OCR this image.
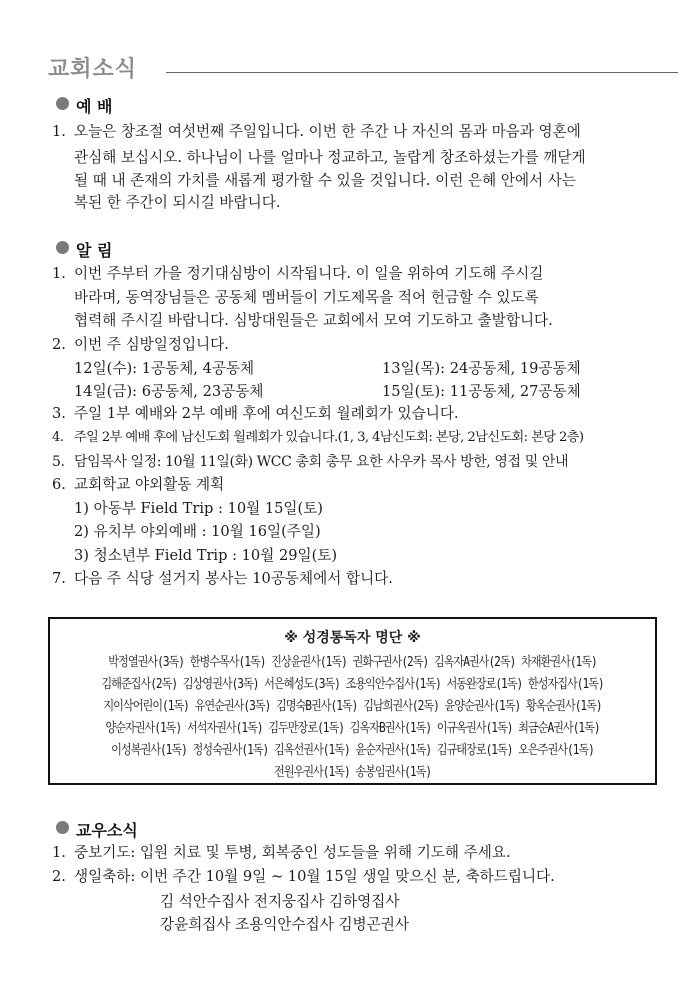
교회소식
예 배
1. 오늘은 창조절 여섯번째 주일입니다. 이번 한 주간 나 자신의 몸과 마음과 영혼에
관심해 보십시오. 하나님이 나를 얼마나 정교하고, 놀랍게 창조하셨는가를 깨닫게
될 때 내 존재의 가치를 새롭게 평가할 수 있을 것입니다. 이런 은혜 안에서 사는
복된 한 주간이 되시길 바랍니다.
알 림
1. 이번 주부터 가을 정기대심방이 시작됩니다. 이 일을 위하여 기도해 주시길
바라며, 동역장님들은 공동체 멤버들이 기도제목을 적어 헌금할 수 있도록
협력해 주시길 바랍니다. 심방대원들은 교회에서 모여 기도하고 출발합니다.
2. 이번 주 심방일정입니다.
12일(수): 1공동체, 4공동체	13일(목): 24공동체, 19공동체
14일(금): 6공동체, 23공동체	15일(토): 11공동체, 27공동체
3. 주일 1부 예배와 2부 예배 후에 여신도회 월례회가 있습니다.
4. 주일 2부 예배 후에 남신도회 월례회가 있습니다.(1, 3, 4남신도회: 본당, 2남신도회: 본당 2층)
5. 담임목사 일정: 10월 11일(화) WCC 총회 총무 요한 사우카 목사 방한, 영접 및 안내
6. 교회학교 야외활동 계획
1) 아동부 Field Trip : 10월 15일(토)
2) 유치부 야외예배 : 10월 16일(주일)
3) 청소년부 Field Trip : 10월 29일(토)
7. 다음 주 식당 설거지 봉사는 10공동체에서 합니다.
※ 성경통독자 명단 ※
박정열권사(3독) 한병수목사(1독) 진상윤권사(1독) 권화구권사(2독) 김옥자A권사(2독) 차재환권사(1독)
김해준집사(2독) 김상영권사(3독) 서은혜성도(3독) 조용익안수집사(1독) 서동완장로(1독) 한성자집사(1독)
지이삭어린이(1독) 유연순권사(3독) 김명숙B권사(1독) 김남희권사(2독) 윤양순권사(1독) 황옥순권사(1독)
양순자권사(1독) 서석자권사(1독) 김두만장로(1독) 김옥자B권사(1독) 이규옥권사(1독) 최금순A권사(1독)
이성복권사(1독) 정성숙권사(1독) 김옥선권사(1독) 윤순자권사(1독) 김규태장로(1독) 오은주권사(1독)
전원우권사(1독) 송봉임권사(1독)
교우소식
1. 중보기도: 입원 치료 및 투병, 회복중인 성도들을 위해 기도해 주세요.
2. 생일축하: 이번 주간 10월 9일 ~ 10월 15일 생일 맞으신 분, 축하드립니다.
김 석안수집사 전지웅집사 김하영집사
강윤희집사 조용익안수집사 김병곤권사
